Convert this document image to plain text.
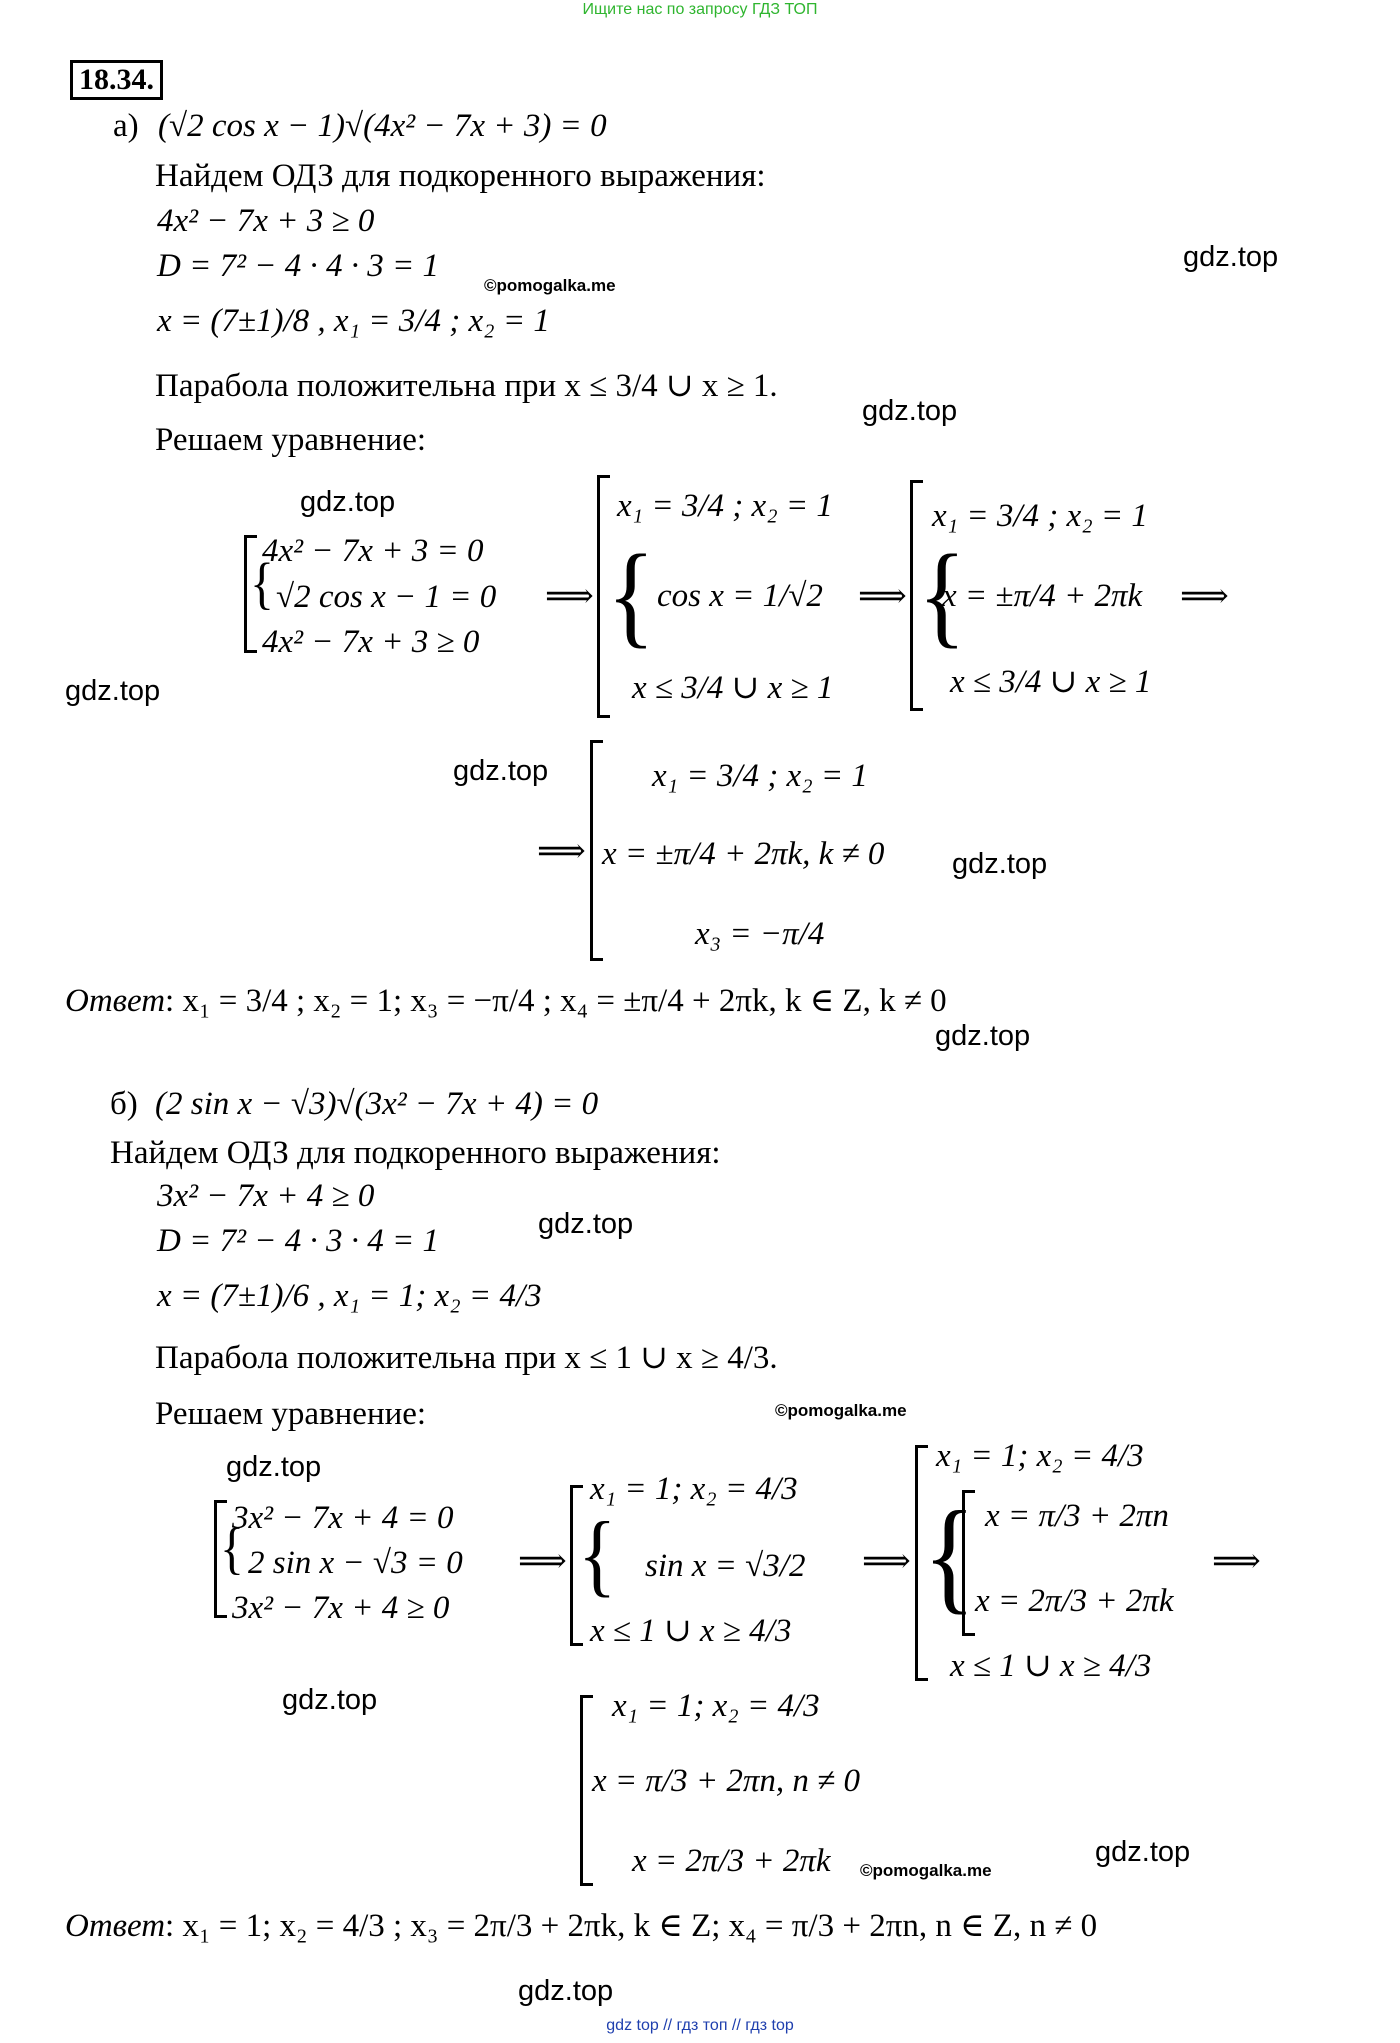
Ищите нас по запросу ГДЗ ТОП
gdz top // гдз топ // гдз top
18.34.
а) (√2 cos x − 1)√(4x² − 7x + 3) = 0
Найдем ОДЗ для подкоренного выражения:
4x² − 7x + 3 ≥ 0
D = 7² − 4 · 4 · 3 = 1
©pomogalka.me
gdz.top
x = (7±1)/8 , x₁ = 3/4 ; x₂ = 1
Парабола положительна при x ≤ 3/4 ∪ x ≥ 1.
gdz.top
Решаем уравнение:
gdz.top
{
4x² − 7x + 3 = 0
√2 cos x − 1 = 0
4x² − 7x + 3 ≥ 0
⟹ {
x₁ = 3/4 ; x₂ = 1
cos x = 1/√2
x ≤ 3/4 ∪ x ≥ 1
⟹ {
x₁ = 3/4 ; x₂ = 1
x = ±π/4 + 2πk ⟹
x ≤ 3/4 ∪ x ≥ 1
gdz.top
gdz.top
⟹
x₁ = 3/4 ; x₂ = 1
x = ±π/4 + 2πk, k ≠ 0
x₃ = −π/4
gdz.top
Ответ: x₁ = 3/4 ; x₂ = 1; x₃ = −π/4 ; x₄ = ±π/4 + 2πk, k ∈ Z, k ≠ 0
gdz.top
б) (2 sin x − √3)√(3x² − 7x + 4) = 0
Найдем ОДЗ для подкоренного выражения:
3x² − 7x + 4 ≥ 0
D = 7² − 4 · 3 · 4 = 1	gdz.top
x = (7±1)/6 , x₁ = 1; x₂ = 4/3
Парабола положительна при x ≤ 1 ∪ x ≥ 4/3.
Решаем уравнение:	©pomogalka.me
gdz.top
{
3x² − 7x + 4 = 0
2 sin x − √3 = 0
3x² − 7x + 4 ≥ 0
⟹ {
x₁ = 1; x₂ = 4/3
sin x = √3/2
x ≤ 1 ∪ x ≥ 4/3
⟹ {
x₁ = 1; x₂ = 4/3
x = π/3 + 2πn
x = 2π/3 + 2πk
x ≤ 1 ∪ x ≥ 4/3
⟹
gdz.top	x₁ = 1; x₂ = 4/3
x = π/3 + 2πn, n ≠ 0
x = 2π/3 + 2πk ©pomogalka.me
gdz.top
Ответ: x₁ = 1; x₂ = 4/3 ; x₃ = 2π/3 + 2πk, k ∈ Z; x₄ = π/3 + 2πn, n ∈ Z, n ≠ 0
gdz.top
